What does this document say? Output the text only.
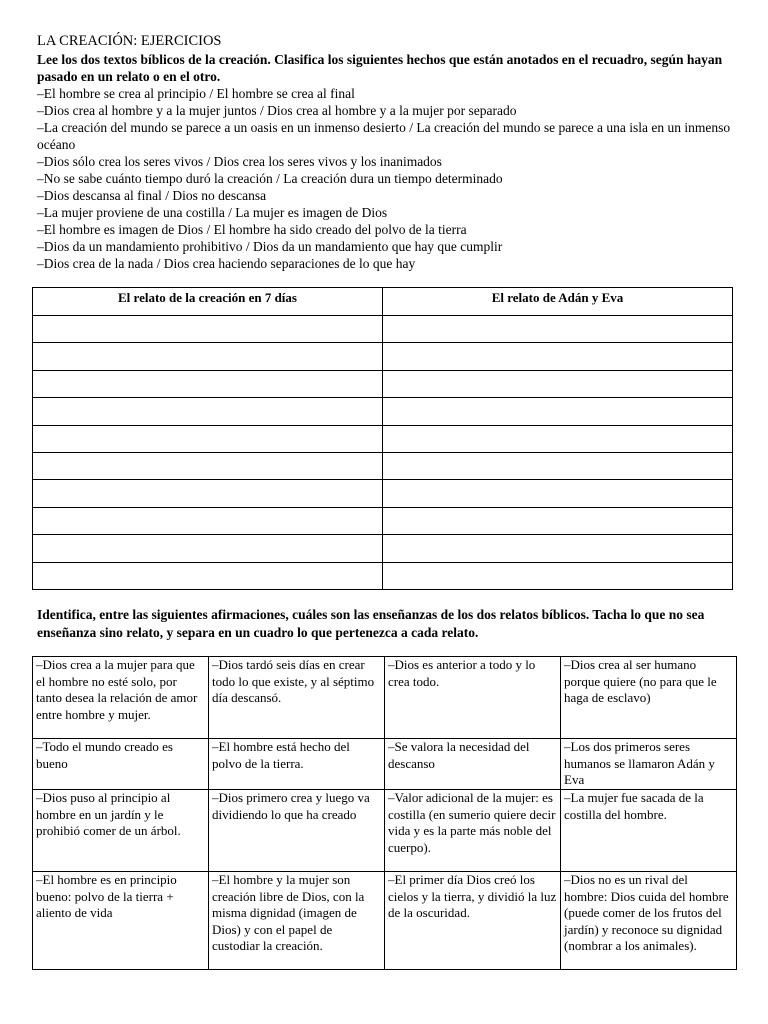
LA CREACIÓN: EJERCICIOS
Lee los dos textos bíblicos de la creación. Clasifica los siguientes hechos que están anotados en el recuadro, según hayan pasado en un relato o en el otro.
–El hombre se crea al principio / El hombre se crea al final
–Dios crea al hombre y a la mujer juntos / Dios crea al hombre y a la mujer por separado
–La creación del mundo se parece a un oasis en un inmenso desierto / La creación del mundo se parece a una isla en un inmenso océano
–Dios sólo crea los seres vivos / Dios crea los seres vivos y los inanimados
–No se sabe cuánto tiempo duró la creación / La creación dura un tiempo determinado
–Dios descansa al final / Dios no descansa
–La mujer proviene de una costilla / La mujer es imagen de Dios
–El hombre es imagen de Dios / El hombre ha sido creado del polvo de la tierra
–Dios da un mandamiento prohibitivo / Dios da un mandamiento que hay que cumplir
–Dios crea de la nada / Dios crea haciendo separaciones de lo que hay
El relato de la creación en 7 días	El relato de Adán y Eva

Identifica, entre las siguientes afirmaciones, cuáles son las enseñanzas de los dos relatos bíblicos. Tacha lo que no sea enseñanza sino relato, y separa en un cuadro lo que pertenezca a cada relato.
–Dios crea a la mujer para que el hombre no esté solo, por tanto desea la relación de amor entre hombre y mujer.	–Dios tardó seis días en crear todo lo que existe, y al séptimo día descansó.	–Dios es anterior a todo y lo crea todo.	–Dios crea al ser humano porque quiere (no para que le haga de esclavo)
–Todo el mundo creado es bueno	–El hombre está hecho del polvo de la tierra.	–Se valora la necesidad del descanso	–Los dos primeros seres humanos se llamaron Adán y Eva
–Dios puso al principio al hombre en un jardín y le prohibió comer de un árbol.	–Dios primero crea y luego va dividiendo lo que ha creado	–Valor adicional de la mujer: es costilla (en sumerio quiere decir vida y es la parte más noble del cuerpo).	–La mujer fue sacada de la costilla del hombre.
–El hombre es en principio bueno: polvo de la tierra + aliento de vida	–El hombre y la mujer son creación libre de Dios, con la misma dignidad (imagen de Dios) y con el papel de custodiar la creación.	–El primer día Dios creó los cielos y la tierra, y dividió la luz de la oscuridad.	–Dios no es un rival del hombre: Dios cuida del hombre (puede comer de los frutos del jardín) y reconoce su dignidad (nombrar a los animales).
